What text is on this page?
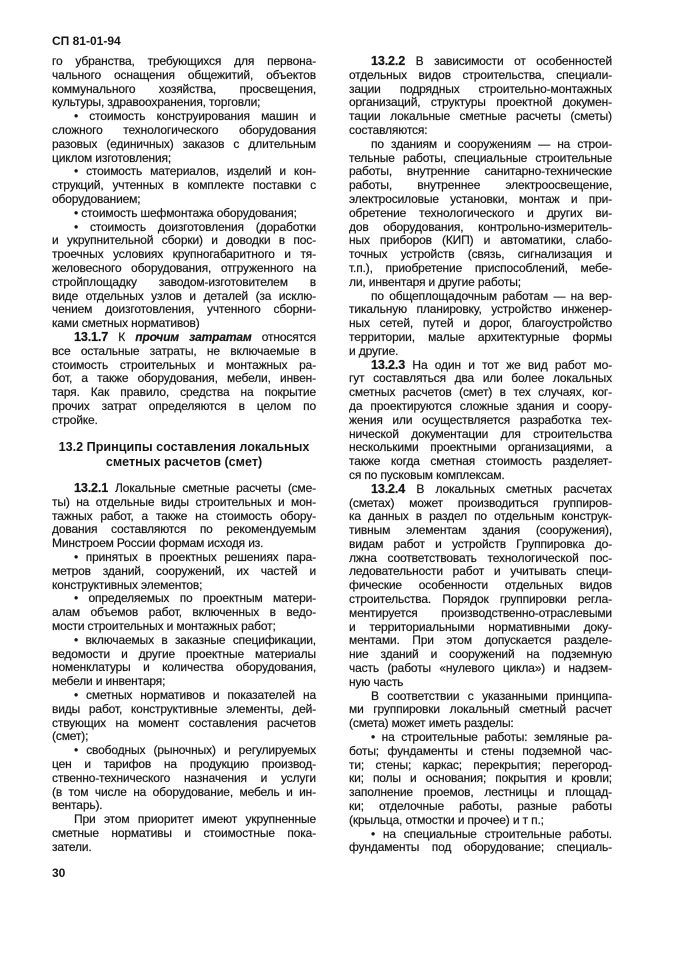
СП 81-01-94
го убранства, требующихся для первона-
чального оснащения общежитий, объектов
коммунального хозяйства, просвещения,
культуры, здравоохранения, торговли;
• стоимость конструирования машин и
сложного технологического оборудования
разовых (единичных) заказов с длительным
циклом изготовления;
• стоимость материалов, изделий и кон-
струкций, учтенных в комплекте поставки с
оборудованием;
• стоимость шефмонтажа оборудования;
• стоимость доизготовления (доработки
и укрупнительной сборки) и доводки в пос-
троечных условиях крупногабаритного и тя-
желовесного оборудования, отгруженного на
стройплощадку заводом-изготовителем в
виде отдельных узлов и деталей (за исклю-
чением доизготовления, учтенного сборни-
ками сметных нормативов)
13.1.7 К прочим затратам относятся
все остальные затраты, не включаемые в
стоимость строительных и монтажных ра-
бот, а также оборудования, мебели, инвен-
таря. Как правило, средства на покрытие
прочих затрат определяются в целом по
стройке.
13.2 Принципы составления локальных
сметных расчетов (смет)
13.2.1 Локальные сметные расчеты (сме-
ты) на отдельные виды строительных и мон-
тажных работ, а также на стоимость обору-
дования составляются по рекомендуемым
Минстроем России формам исходя из.
• принятых в проектных решениях пара-
метров зданий, сооружений, их частей и
конструктивных элементов;
• определяемых по проектным матери-
алам объемов работ, включенных в ведо-
мости строительных и монтажных работ;
• включаемых в заказные спецификации,
ведомости и другие проектные материалы
номенклатуры и количества оборудования,
мебели и инвентаря;
• сметных нормативов и показателей на
виды работ, конструктивные элементы, дей-
ствующих на момент составления расчетов
(смет);
• свободных (рыночных) и регулируемых
цен и тарифов на продукцию производ-
ственно-технического назначения и услуги
(в том числе на оборудование, мебель и ин-
вентарь).
При этом приоритет имеют укрупненные
сметные нормативы и стоимостные пока-
затели.
13.2.2 В зависимости от особенностей
отдельных видов строительства, специали-
зации подрядных строительно-монтажных
организаций, структуры проектной докумен-
тации локальные сметные расчеты (сметы)
составляются:
по зданиям и сооружениям — на строи-
тельные работы, специальные строительные
работы, внутренние санитарно-технические
работы, внутреннее электроосвещение,
электросиловые установки, монтаж и при-
обретение технологического и других ви-
дов оборудования, контрольно-измеритель-
ных приборов (КИП) и автоматики, слабо-
точных устройств (связь, сигнализация и
т.п.), приобретение приспособлений, мебе-
ли, инвентаря и другие работы;
по общеплощадочным работам — на вер-
тикальную планировку, устройство инженер-
ных сетей, путей и дорог, благоустройство
территории, малые архитектурные формы
и другие.
13.2.3 На один и тот же вид работ мо-
гут составляться два или более локальных
сметных расчетов (смет) в тех случаях, ког-
да проектируются сложные здания и соору-
жения или осуществляется разработка тех-
нической документации для строительства
несколькими проектными организациями, а
также когда сметная стоимость разделяет-
ся по пусковым комплексам.
13.2.4 В локальных сметных расчетах
(сметах) может производиться группиров-
ка данных в раздел по отдельным конструк-
тивным элементам здания (сооружения),
видам работ и устройств Группировка до-
лжна соответствовать технологической пос-
ледовательности работ и учитывать специ-
фические особенности отдельных видов
строительства. Порядок группировки регла-
ментируется производственно-отраслевыми
и территориальными нормативными доку-
ментами. При этом допускается разделе-
ние зданий и сооружений на подземную
часть (работы «нулевого цикла») и надзем-
ную часть
В соответствии с указанными принципа-
ми группировки локальный сметный расчет
(смета) может иметь разделы:
• на строительные работы: земляные ра-
боты; фундаменты и стены подземной час-
ти; стены; каркас; перекрытия; перегород-
ки; полы и основания; покрытия и кровли;
заполнение проемов, лестницы и площад-
ки; отделочные работы, разные работы
(крыльца, отмостки и прочее) и т п.;
• на специальные строительные работы.
фундаменты под оборудование; специаль-
30
